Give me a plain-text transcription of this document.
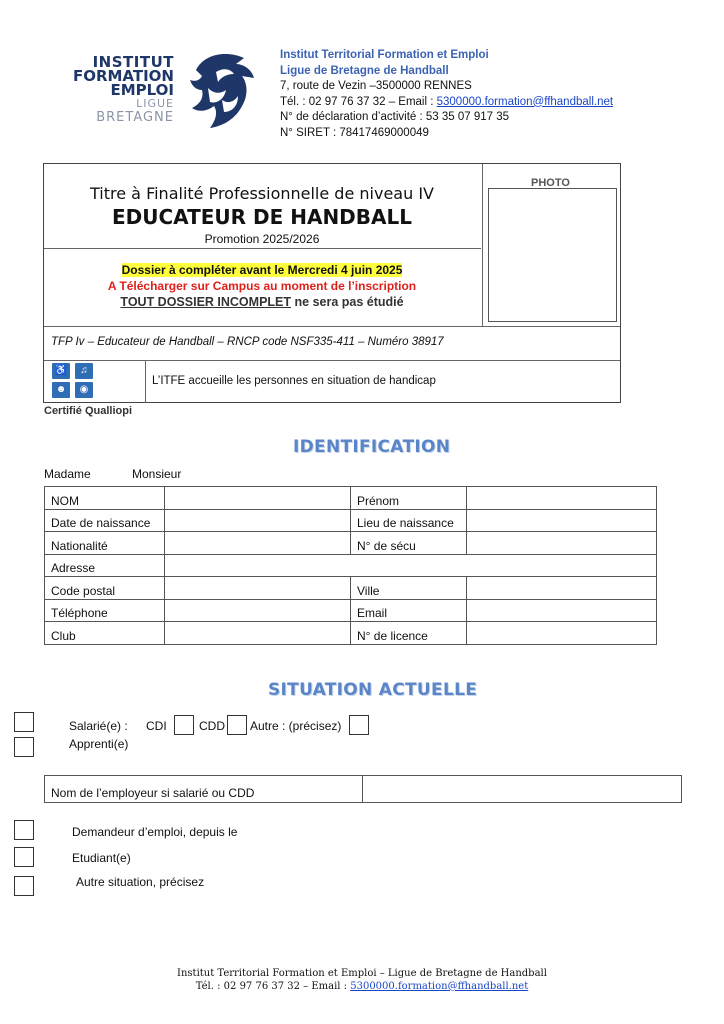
INSTITUT
FORMATION
EMPLOI
LIGUE
BRETAGNE
Institut Territorial Formation et Emploi
Ligue de Bretagne de Handball
7, route de Vezin –3500000 RENNES
Tél. : 02 97 76 37 32 – Email : 5300000.formation@ffhandball.net
N° de déclaration d’activité : 53 35 07 917 35
N° SIRET : 78417469000049
Titre à Finalité Professionnelle de niveau IV
EDUCATEUR DE HANDBALL
Promotion 2025/2026
Dossier à compléter avant le Mercredi 4 juin 2025
A Télécharger sur Campus au moment de l’inscription
TOUT DOSSIER INCOMPLET ne sera pas étudié
PHOTO
TFP Iv – Educateur de Handball – RNCP code NSF335-411 – Numéro 38917
♿	♫
☻	◉
L’ITFE accueille les personnes en situation de handicap
Certifié Qualliopi
IDENTIFICATION
Madame	Monsieur
NOM		Prénom	
Date de naissance		Lieu de naissance	
Nationalité		N° de sécu	
Adresse			
Code postal		Ville	
Téléphone		Email	
Club		N° de licence	
SITUATION ACTUELLE
Salarié(e) : CDI	CDD Autre : (précisez)
Apprenti(e)
Nom de l’employeur si salarié ou CDD	
Demandeur d’emploi, depuis le
Etudiant(e)
Autre situation, précisez
Institut Territorial Formation et Emploi – Ligue de Bretagne de Handball
Tél. : 02 97 76 37 32 – Email : 5300000.formation@ffhandball.net
